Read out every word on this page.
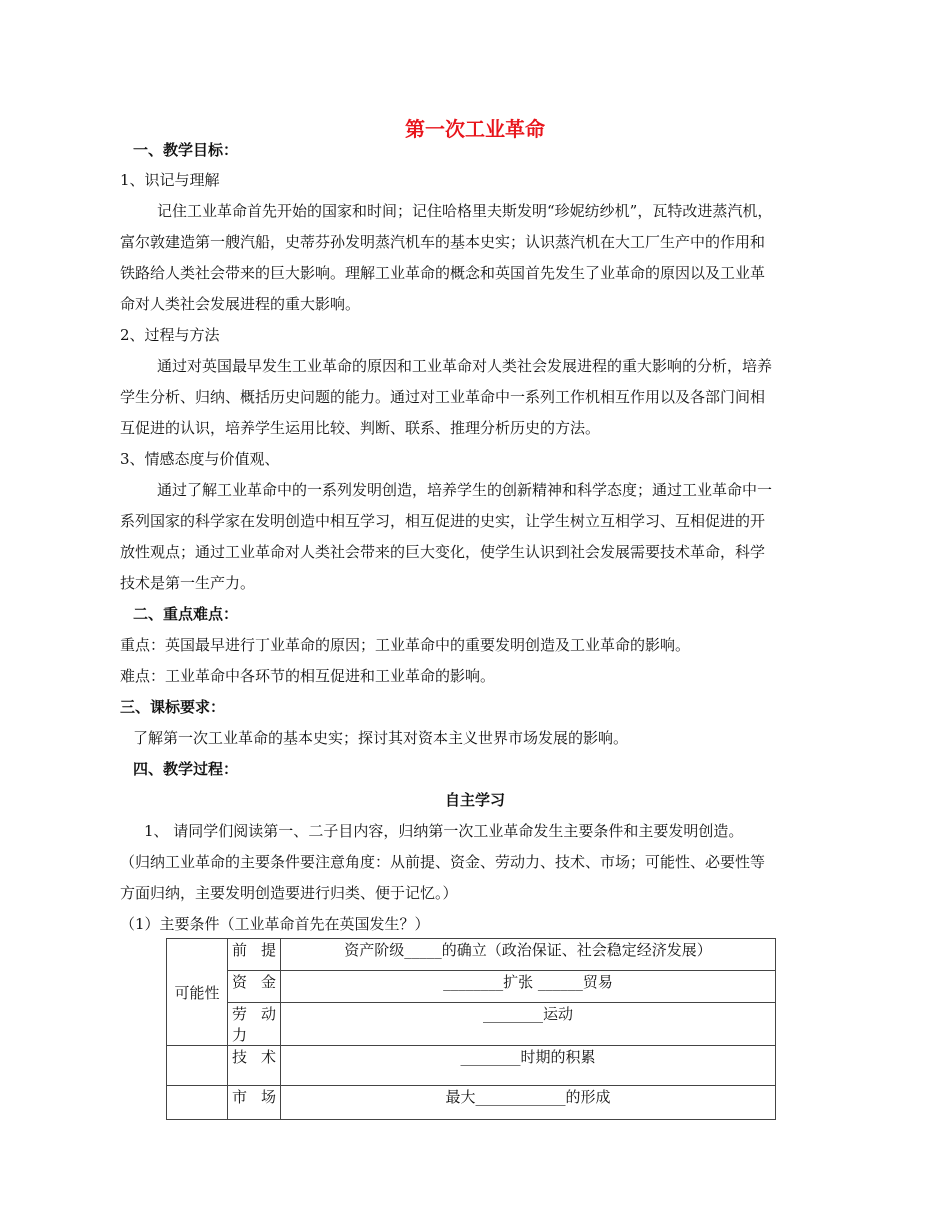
第一次工业革命
一、教学目标：
1、识记与理解
记住工业革命首先开始的国家和时间；记住哈格里夫斯发明“珍妮纺纱机”，瓦特改进蒸汽机，
富尔敦建造第一艘汽船，史蒂芬孙发明蒸汽机车的基本史实；认识蒸汽机在大工厂生产中的作用和
铁路给人类社会带来的巨大影响。理解工业革命的概念和英国首先发生了业革命的原因以及工业革
命对人类社会发展进程的重大影响。
2、过程与方法
通过对英国最早发生工业革命的原因和工业革命对人类社会发展进程的重大影响的分析，培养
学生分析、归纳、概括历史问题的能力。通过对工业革命中一系列工作机相互作用以及各部门间相
互促进的认识，培养学生运用比较、判断、联系、推理分析历史的方法。
3、情感态度与价值观、
通过了解工业革命中的一系列发明创造，培养学生的创新精神和科学态度；通过工业革命中一
系列国家的科学家在发明创造中相互学习，相互促进的史实，让学生树立互相学习、互相促进的开
放性观点；通过工业革命对人类社会带来的巨大变化，使学生认识到社会发展需要技术革命，科学
技术是第一生产力。
二、重点难点：
重点：英国最早进行丁业革命的原因；工业革命中的重要发明创造及工业革命的影响。
难点：工业革命中各环节的相互促进和工业革命的影响。
三、课标要求：
了解第一次工业革命的基本史实；探讨其对资本主义世界市场发展的影响。
四、教学过程：
自主学习
1、 请同学们阅读第一、二子目内容，归纳第一次工业革命发生主要条件和主要发明创造。
（归纳工业革命的主要条件要注意角度：从前提、资金、劳动力、技术、市场；可能性、必要性等
方面归纳，主要发明创造要进行归类、便于记忆。）
（1）主要条件（工业革命首先在英国发生？）
可能性	前提	资产阶级_____的确立（政治保证、社会稳定经济发展）
	资金	________扩张 ______贸易
	劳动力	________运动
	技术	________时期的积累
	市场	最大____________的形成
